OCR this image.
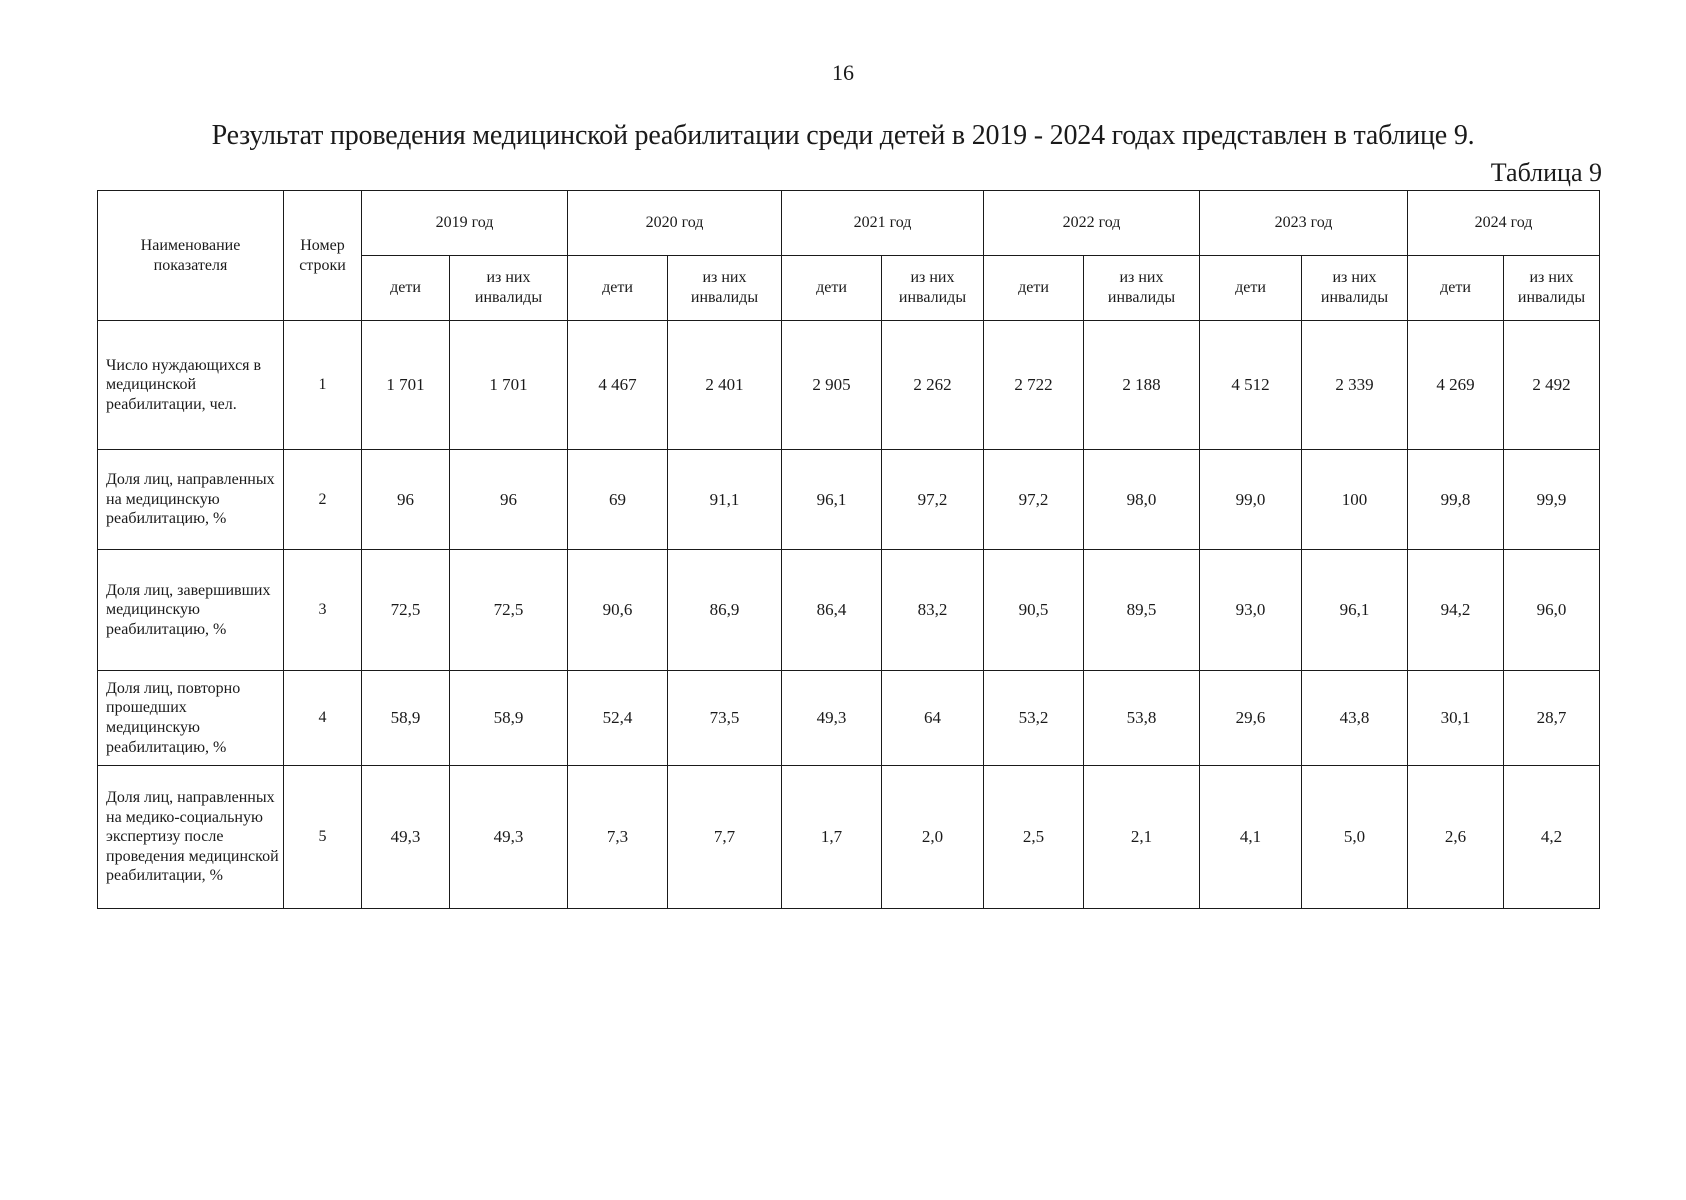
16
Результат проведения медицинской реабилитации среди детей в 2019 - 2024 годах представлен в таблице 9.
Таблица 9
Наименование показателя	Номер строки	2019 год		2020 год		2021 год		2022 год		2023 год		2024 год	
		дети	из них инвалиды	дети	из них инвалиды	дети	из них инвалиды	дети	из них инвалиды	дети	из них инвалиды	дети	из них инвалиды
Число нуждающихся в медицинской реабилитации, чел.	1	1 701	1 701	4 467	2 401	2 905	2 262	2 722	2 188	4 512	2 339	4 269	2 492
Доля лиц, направленных на медицинскую реабилитацию, %	2	96	96	69	91,1	96,1	97,2	97,2	98,0	99,0	100	99,8	99,9
Доля лиц, завершивших медицинскую реабилитацию, %	3	72,5	72,5	90,6	86,9	86,4	83,2	90,5	89,5	93,0	96,1	94,2	96,0
Доля лиц, повторно прошедших медицинскую реабилитацию, %	4	58,9	58,9	52,4	73,5	49,3	64	53,2	53,8	29,6	43,8	30,1	28,7
Доля лиц, направленных на медико-социальную экспертизу после проведения медицинской реабилитации, %	5	49,3	49,3	7,3	7,7	1,7	2,0	2,5	2,1	4,1	5,0	2,6	4,2
